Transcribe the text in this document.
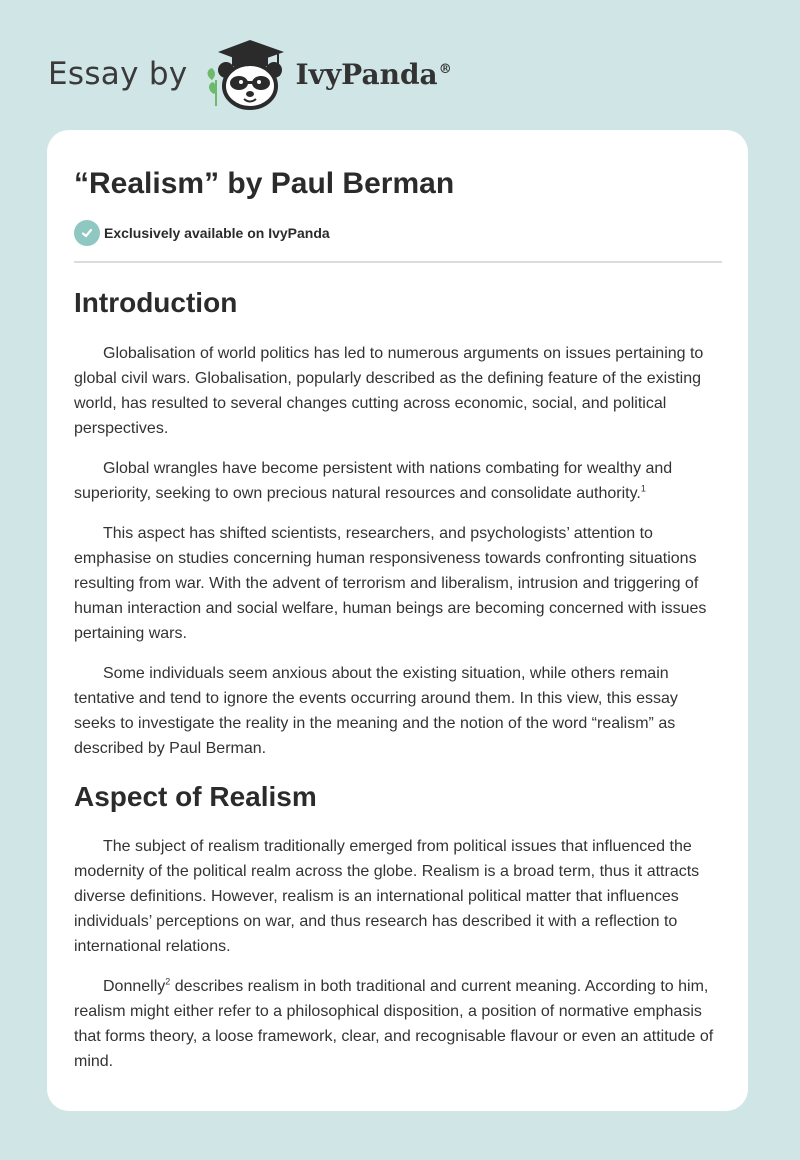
Essay by	IvyPanda®
“Realism” by Paul Berman
Exclusively available on IvyPanda
Introduction

Globalisation of world politics has led to numerous arguments on issues pertaining to global civil wars. Globalisation, popularly described as the defining feature of the existing world, has resulted to several changes cutting across economic, social, and political perspectives.

Global wrangles have become persistent with nations combating for wealthy and superiority, seeking to own precious natural resources and consolidate authority.$^1$

This aspect has shifted scientists, researchers, and psychologists’ attention to emphasise on studies concerning human responsiveness towards confronting situations resulting from war. With the advent of terrorism and liberalism, intrusion and triggering of human interaction and social welfare, human beings are becoming concerned with issues pertaining wars.

Some individuals seem anxious about the existing situation, while others remain tentative and tend to ignore the events occurring around them. In this view, this essay seeks to investigate the reality in the meaning and the notion of the word “realism” as described by Paul Berman.

Aspect of Realism

The subject of realism traditionally emerged from political issues that influenced the modernity of the political realm across the globe. Realism is a broad term, thus it attracts diverse definitions. However, realism is an international political matter that influences individuals’ perceptions on war, and thus research has described it with a reflection to international relations.

Donnelly$^2$ describes realism in both traditional and current meaning. According to him, realism might either refer to a philosophical disposition, a position of normative emphasis that forms theory, a loose framework, clear, and recognisable flavour or even an attitude of mind.
